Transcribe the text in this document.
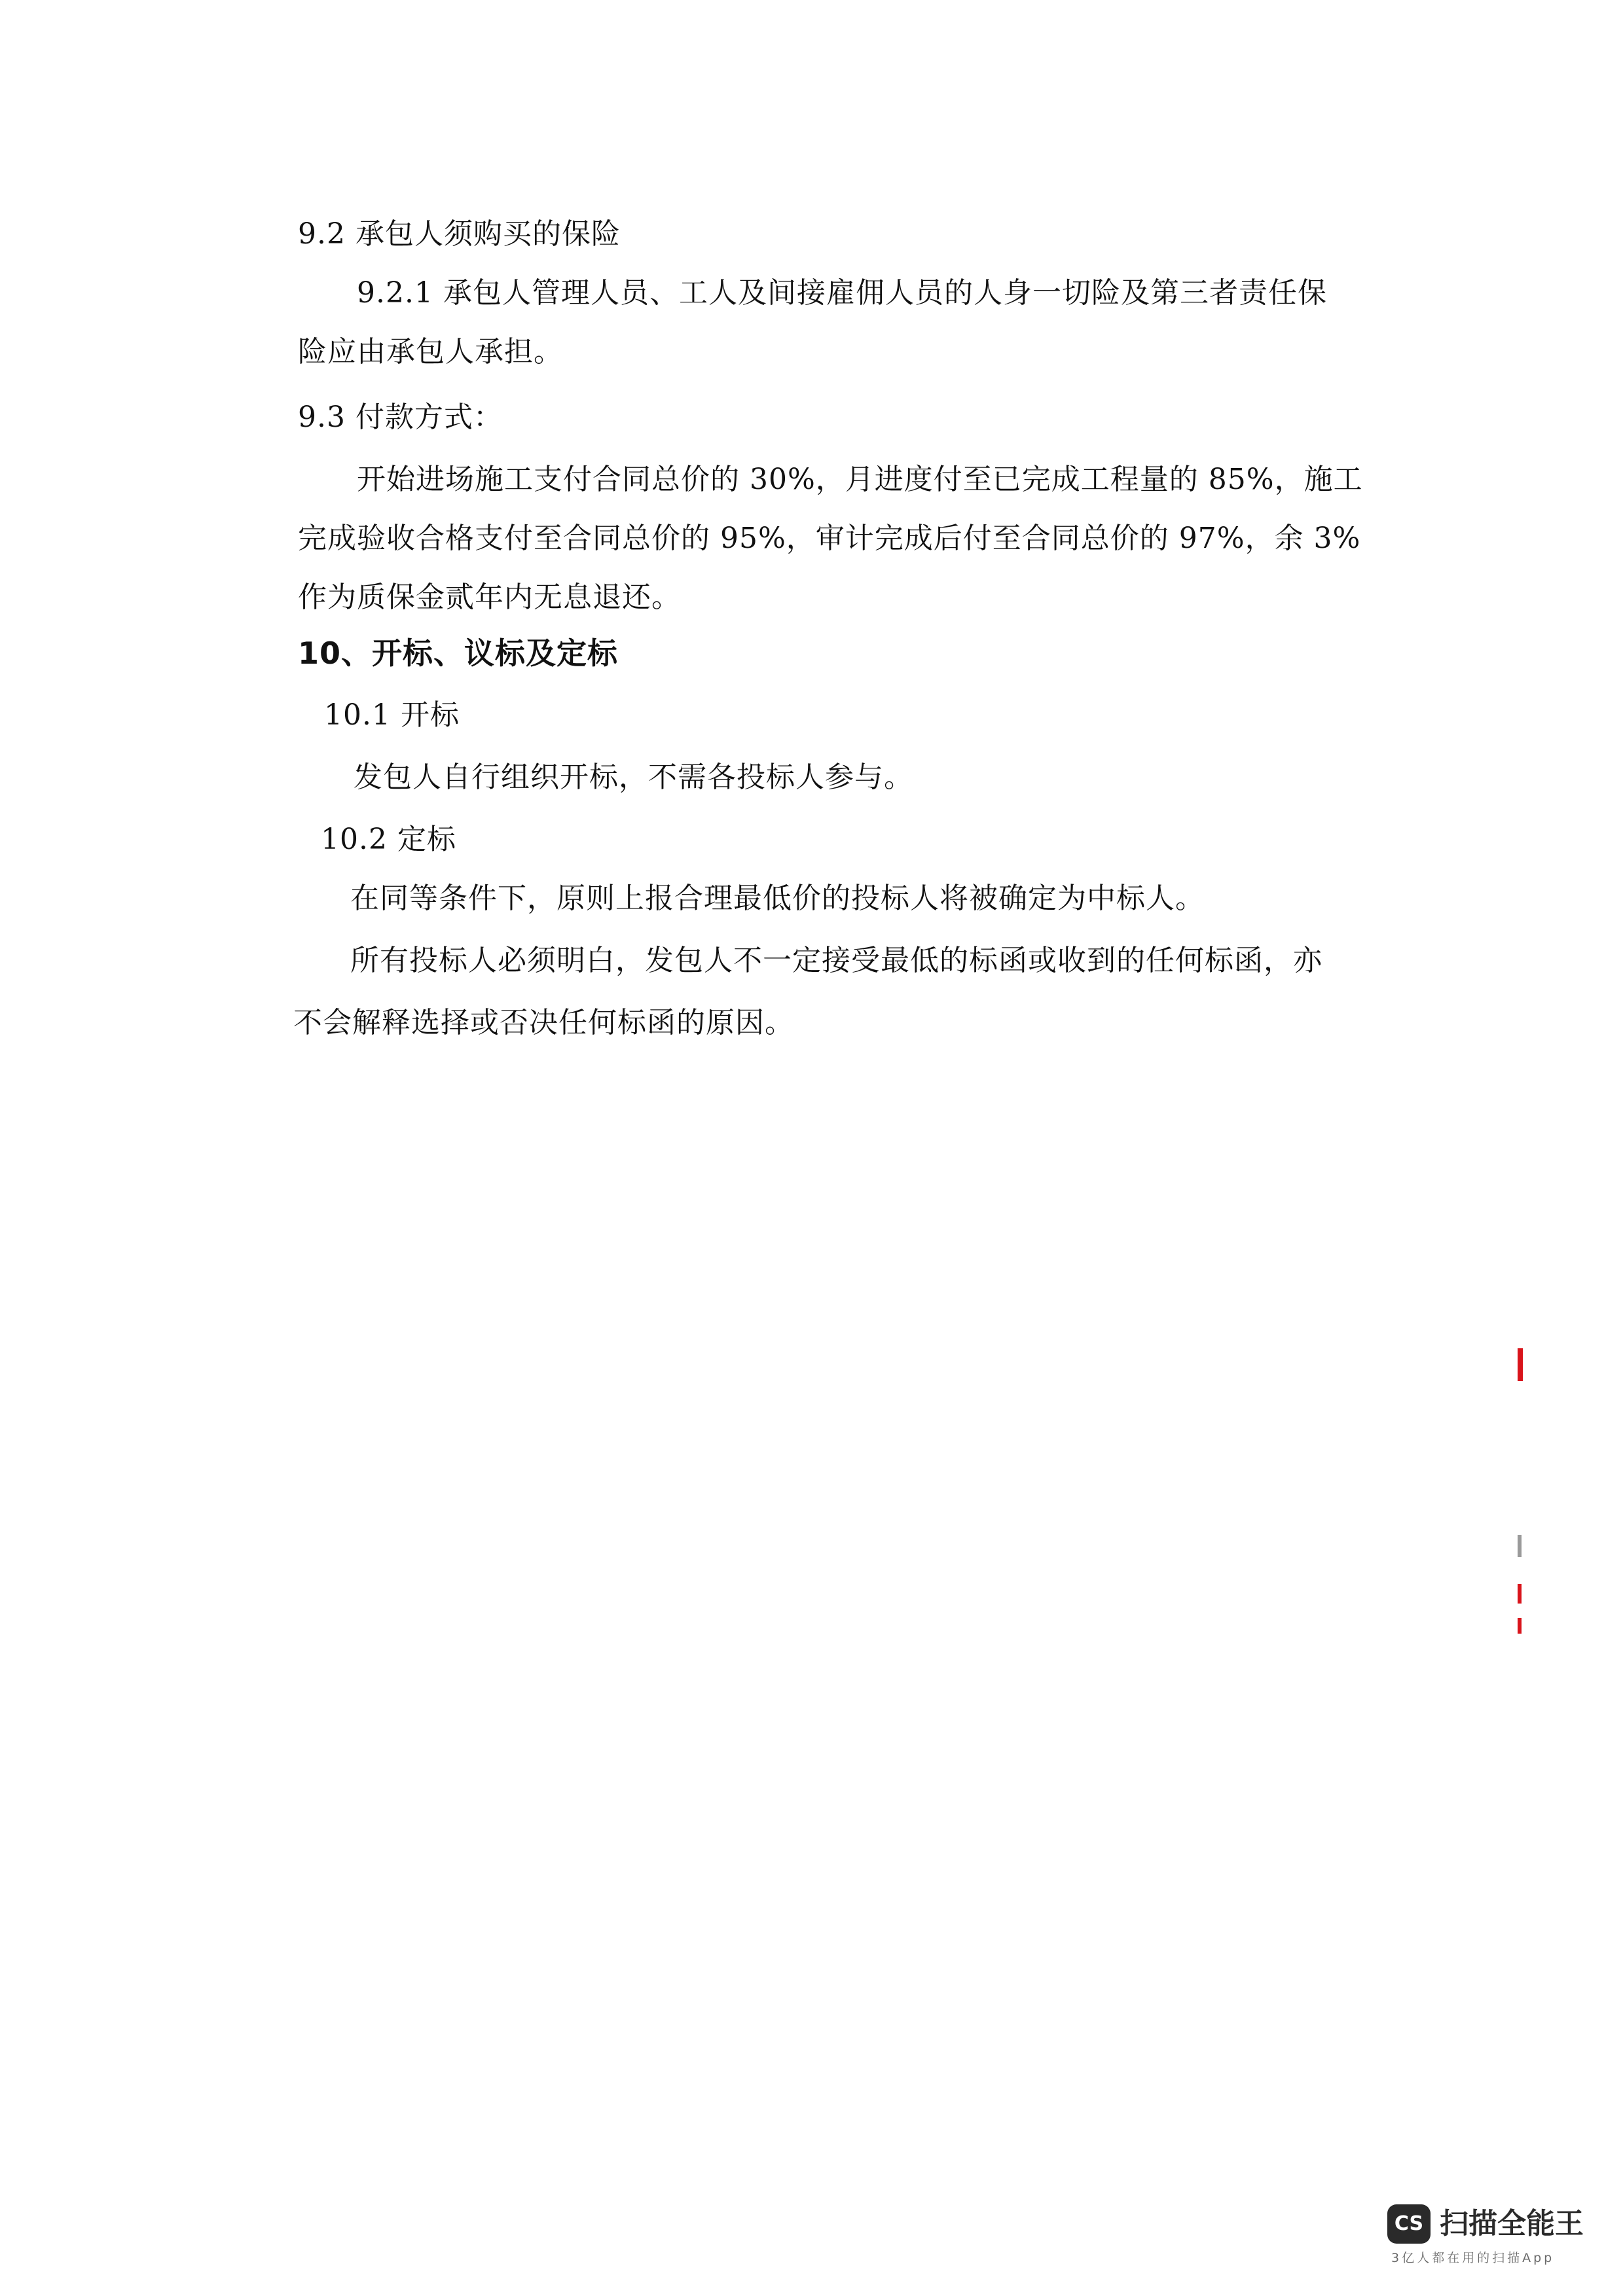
9.2 承包人须购买的保险
9.2.1 承包人管理人员、工人及间接雇佣人员的人身一切险及第三者责任保
险应由承包人承担。
9.3 付款方式：
开始进场施工支付合同总价的 30%，月进度付至已完成工程量的 85%，施工
完成验收合格支付至合同总价的 95%，审计完成后付至合同总价的 97%，余 3%
作为质保金贰年内无息退还。
10、开标、议标及定标
10.1 开标
发包人自行组织开标，不需各投标人参与。
10.2 定标
在同等条件下，原则上报合理最低价的投标人将被确定为中标人。
所有投标人必须明白，发包人不一定接受最低的标函或收到的任何标函，亦
不会解释选择或否决任何标函的原因。
CS 扫描全能王
3亿人都在用的扫描App
